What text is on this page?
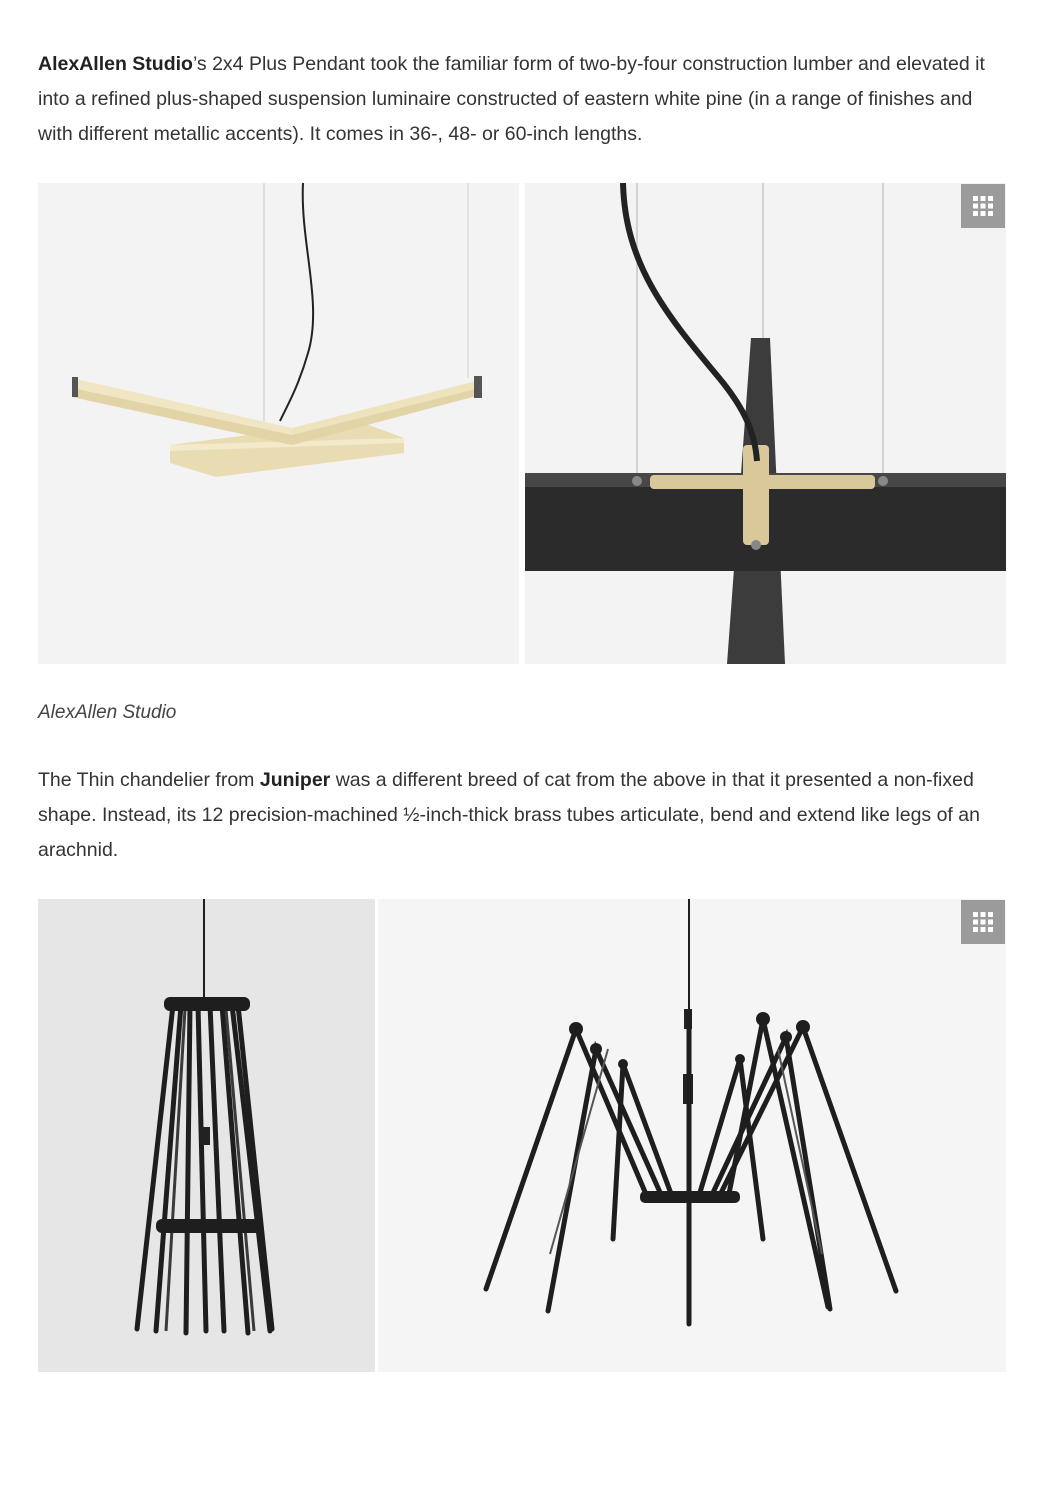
AlexAllen Studio’s 2x4 Plus Pendant took the familiar form of two-by-four construction lumber and elevated it into a refined plus-shaped suspension luminaire constructed of eastern white pine (in a range of finishes and with different metallic accents). It comes in 36-, 48- or 60-inch lengths.

AlexAllen Studio

The Thin chandelier from Juniper was a different breed of cat from the above in that it presented a non-fixed shape. Instead, its 12 precision-machined ½-inch-thick brass tubes articulate, bend and extend like legs of an arachnid.
